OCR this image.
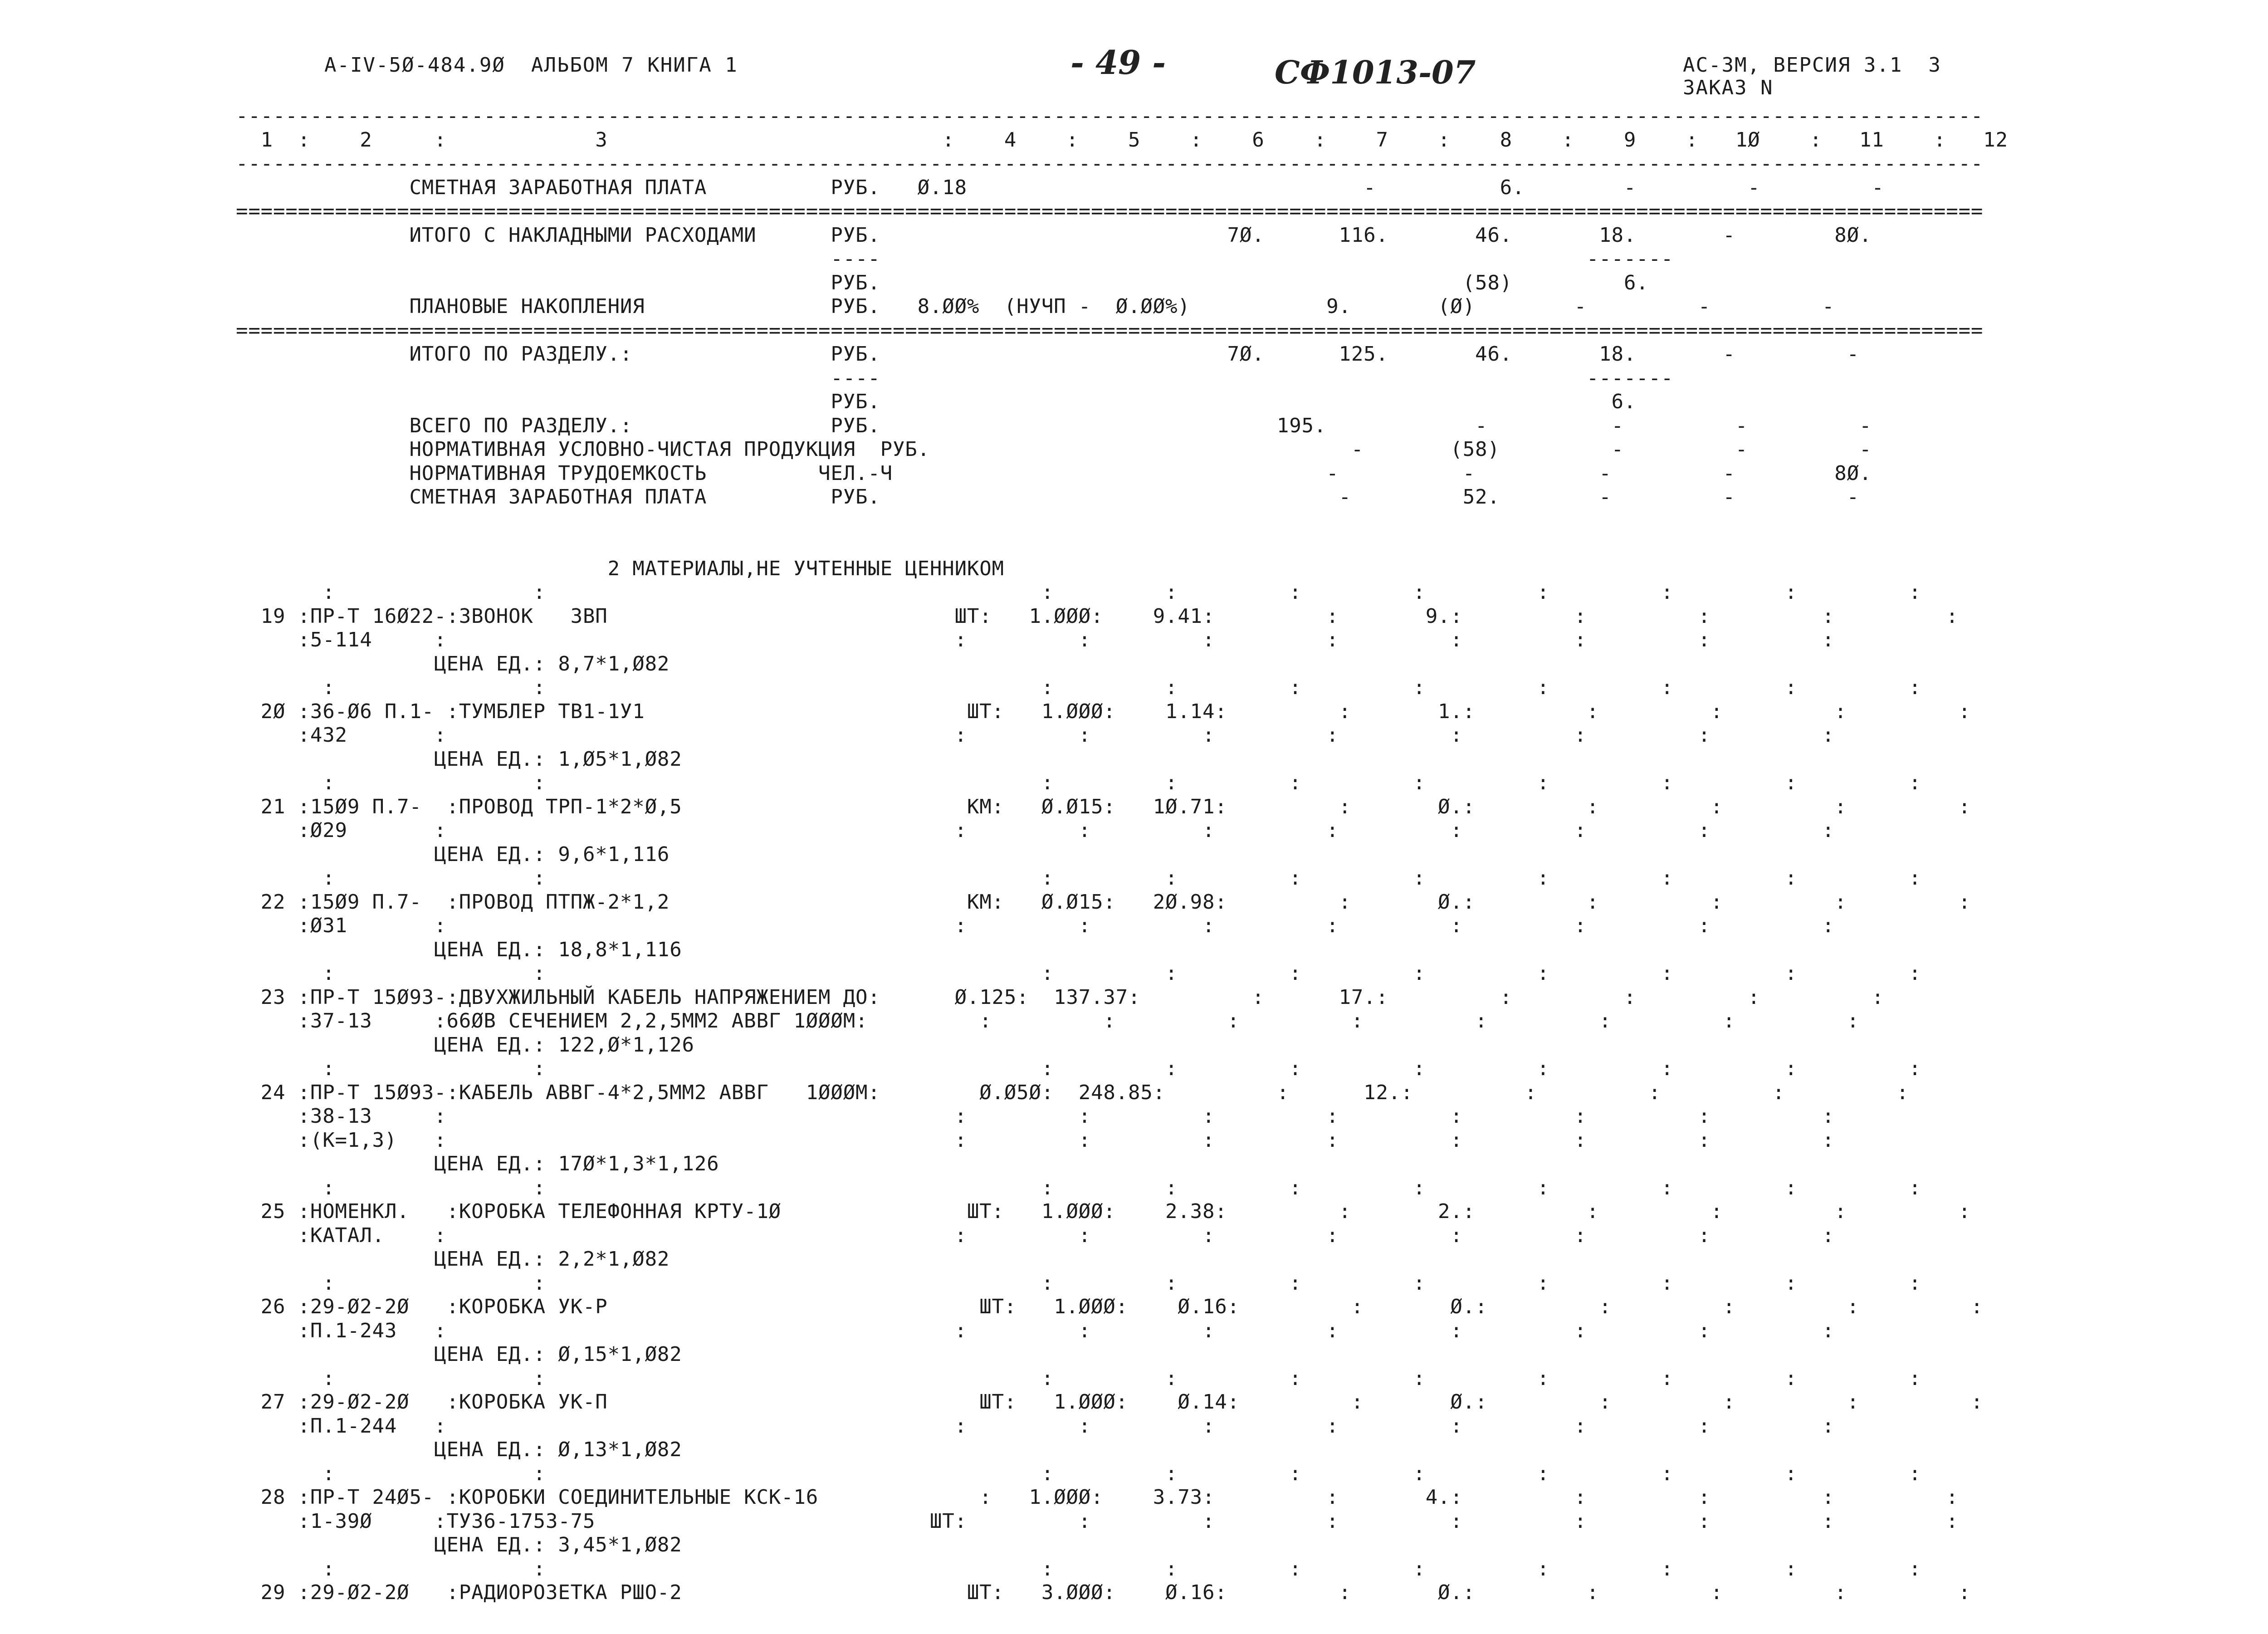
А-IV-5Ø-484.9Ø  АЛЬБОМ 7 КНИГА 1	- 49 -	СФ1013-07	АС-3М, ВЕРСИЯ 3.1  3
ЗАКАЗ N
---------------------------------------------------------------------------------------------------------------------------------------------
1  :    2     :            3                           :    4    :    5    :    6    :    7    :    8    :    9    :   1Ø    :   11    :   12
---------------------------------------------------------------------------------------------------------------------------------------------
СМЕТНАЯ ЗАРАБОТНАЯ ПЛАТА          РУБ.   Ø.18                                -          6.        -         -         -
=============================================================================================================================================
ИТОГО С НАКЛАДНЫМИ РАСХОДАМИ      РУБ.                            7Ø.      116.       46.       18.       -        8Ø.
----                                                         -------
РУБ.                                               (58)         6.
ПЛАНОВЫЕ НАКОПЛЕНИЯ               РУБ.   8.ØØ%  (НУЧП -  Ø.ØØ%)           9.       (Ø)        -         -         -
=============================================================================================================================================
ИТОГО ПО РАЗДЕЛУ.:                РУБ.                            7Ø.      125.       46.       18.       -         -
----                                                         -------
РУБ.                                                           6.
ВСЕГО ПО РАЗДЕЛУ.:                РУБ.                                195.            -          -         -         -
НОРМАТИВНАЯ УСЛОВНО-ЧИСТАЯ ПРОДУКЦИЯ  РУБ.                                  -       (58)         -         -         -
НОРМАТИВНАЯ ТРУДОЕМКОСТЬ         ЧЕЛ.-Ч                                   -          -          -         -        8Ø.
СМЕТНАЯ ЗАРАБОТНАЯ ПЛАТА          РУБ.                                     -         52.        -         -         -
2 МАТЕРИАЛЫ,НЕ УЧТЕННЫЕ ЦЕННИКОМ
:                :                                        :         :         :         :         :         :         :         :
19 :ПР-Т 16Ø22-:ЗВОНОК   ЗВП                            ШТ:   1.ØØØ:    9.41:         :       9.:         :         :         :         :
:5-114     :                                         :         :         :         :         :         :         :         :
ЦЕНА ЕД.: 8,7*1,Ø82
:                :                                        :         :         :         :         :         :         :         :
2Ø :36-Ø6 П.1- :ТУМБЛЕР ТВ1-1У1                          ШТ:   1.ØØØ:    1.14:         :       1.:         :         :         :         :
:432       :                                         :         :         :         :         :         :         :         :
ЦЕНА ЕД.: 1,Ø5*1,Ø82
:                :                                        :         :         :         :         :         :         :         :
21 :15Ø9 П.7-  :ПРОВОД ТРП-1*2*Ø,5                       КМ:   Ø.Ø15:   1Ø.71:         :       Ø.:         :         :         :         :
:Ø29       :                                         :         :         :         :         :         :         :         :
ЦЕНА ЕД.: 9,6*1,116
:                :                                        :         :         :         :         :         :         :         :
22 :15Ø9 П.7-  :ПРОВОД ПТПЖ-2*1,2                        КМ:   Ø.Ø15:   2Ø.98:         :       Ø.:         :         :         :         :
:Ø31       :                                         :         :         :         :         :         :         :         :
ЦЕНА ЕД.: 18,8*1,116
:                :                                        :         :         :         :         :         :         :         :
23 :ПР-Т 15Ø93-:ДВУХЖИЛЬНЫЙ КАБЕЛЬ НАПРЯЖЕНИЕМ ДО:      Ø.125:  137.37:         :      17.:         :         :         :         :
:37-13     :66ØВ СЕЧЕНИЕМ 2,2,5ММ2 АВВГ 1ØØØМ:         :         :         :         :         :         :         :         :
ЦЕНА ЕД.: 122,Ø*1,126
:                :                                        :         :         :         :         :         :         :         :
24 :ПР-Т 15Ø93-:КАБЕЛЬ АВВГ-4*2,5ММ2 АВВГ   1ØØØМ:        Ø.Ø5Ø:  248.85:         :      12.:         :         :         :         :
:38-13     :                                         :         :         :         :         :         :         :         :
:(К=1,3)   :                                         :         :         :         :         :         :         :         :
ЦЕНА ЕД.: 17Ø*1,3*1,126
:                :                                        :         :         :         :         :         :         :         :
25 :НОМЕНКЛ.   :КОРОБКА ТЕЛЕФОННАЯ КРТУ-1Ø               ШТ:   1.ØØØ:    2.38:         :       2.:         :         :         :         :
:КАТАЛ.    :                                         :         :         :         :         :         :         :         :
ЦЕНА ЕД.: 2,2*1,Ø82
:                :                                        :         :         :         :         :         :         :         :
26 :29-Ø2-2Ø   :КОРОБКА УК-Р                              ШТ:   1.ØØØ:    Ø.16:         :       Ø.:         :         :         :         :
:П.1-243   :                                         :         :         :         :         :         :         :         :
ЦЕНА ЕД.: Ø,15*1,Ø82
:                :                                        :         :         :         :         :         :         :         :
27 :29-Ø2-2Ø   :КОРОБКА УК-П                              ШТ:   1.ØØØ:    Ø.14:         :       Ø.:         :         :         :         :
:П.1-244   :                                         :         :         :         :         :         :         :         :
ЦЕНА ЕД.: Ø,13*1,Ø82
:                :                                        :         :         :         :         :         :         :         :
28 :ПР-Т 24Ø5- :КОРОБКИ СОЕДИНИТЕЛЬНЫЕ КСК-16             :   1.ØØØ:    3.73:         :       4.:         :         :         :         :
:1-39Ø     :ТУ36-1753-75                           ШТ:         :         :         :         :         :         :         :         :
ЦЕНА ЕД.: 3,45*1,Ø82
:                :                                        :         :         :         :         :         :         :         :
29 :29-Ø2-2Ø   :РАДИОРОЗЕТКА РШО-2                       ШТ:   3.ØØØ:    Ø.16:         :       Ø.:         :         :         :         :
